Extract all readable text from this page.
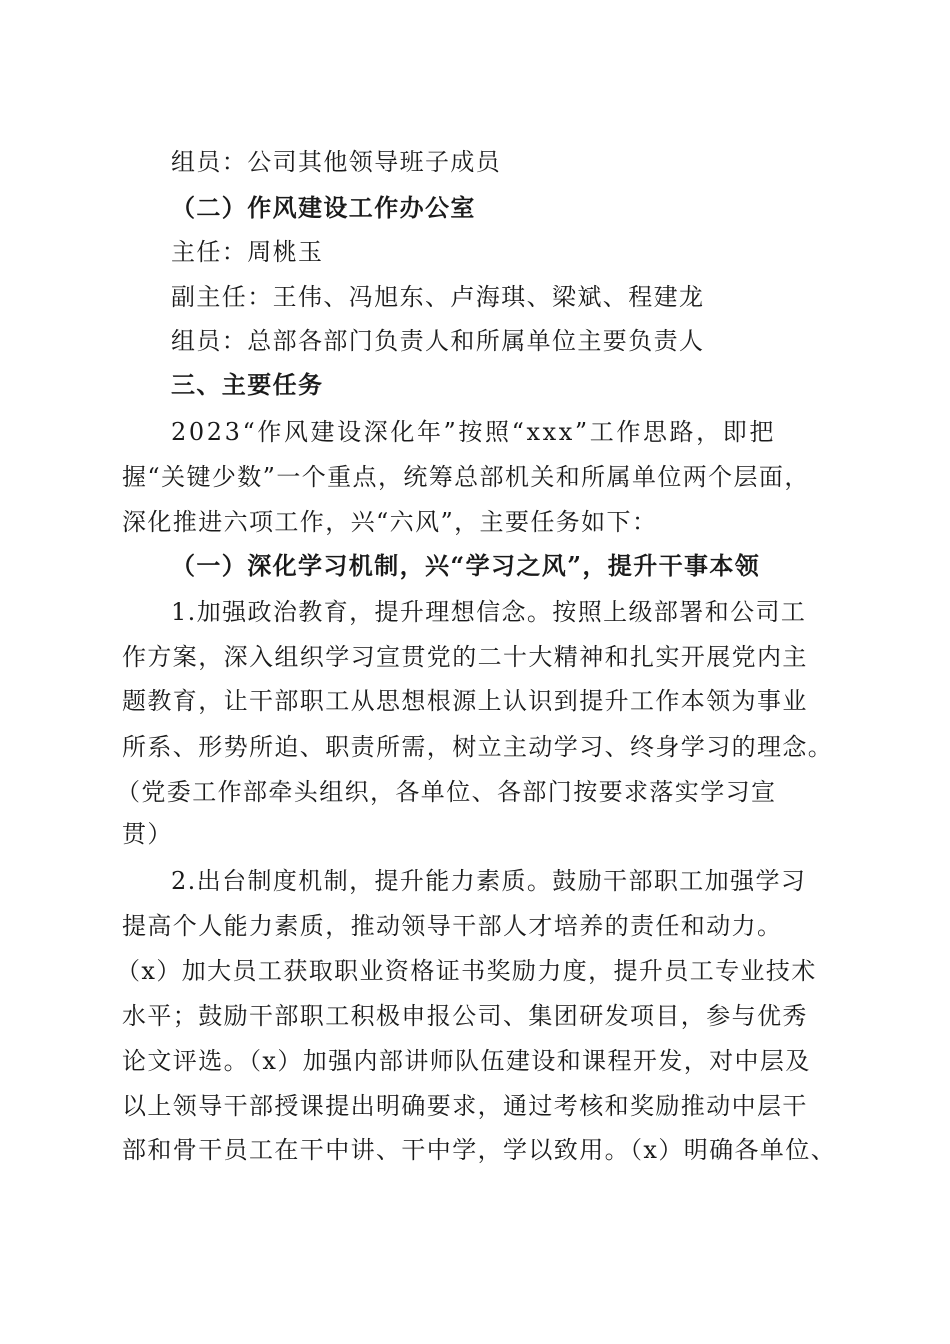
组员：公司其他领导班子成员
（二）作风建设工作办公室
主任：周桃玉
副主任：王伟、冯旭东、卢海琪、梁斌、程建龙
组员：总部各部门负责人和所属单位主要负责人
三、主要任务
2023“作风建设深化年”按照“xxx”工作思路，即把
握“关键少数”一个重点，统筹总部机关和所属单位两个层面，
深化推进六项工作，兴“六风”，主要任务如下：
（一）深化学习机制，兴“学习之风”，提升干事本领
1.加强政治教育，提升理想信念。按照上级部署和公司工
作方案，深入组织学习宣贯党的二十大精神和扎实开展党内主
题教育，让干部职工从思想根源上认识到提升工作本领为事业
所系、形势所迫、职责所需，树立主动学习、终身学习的理念。
（党委工作部牵头组织，各单位、各部门按要求落实学习宣
贯）
2.出台制度机制，提升能力素质。鼓励干部职工加强学习
提高个人能力素质，推动领导干部人才培养的责任和动力。
（x）加大员工获取职业资格证书奖励力度，提升员工专业技术
水平；鼓励干部职工积极申报公司、集团研发项目，参与优秀
论文评选。（x）加强内部讲师队伍建设和课程开发，对中层及
以上领导干部授课提出明确要求，通过考核和奖励推动中层干
部和骨干员工在干中讲、干中学，学以致用。（x）明确各单位、
